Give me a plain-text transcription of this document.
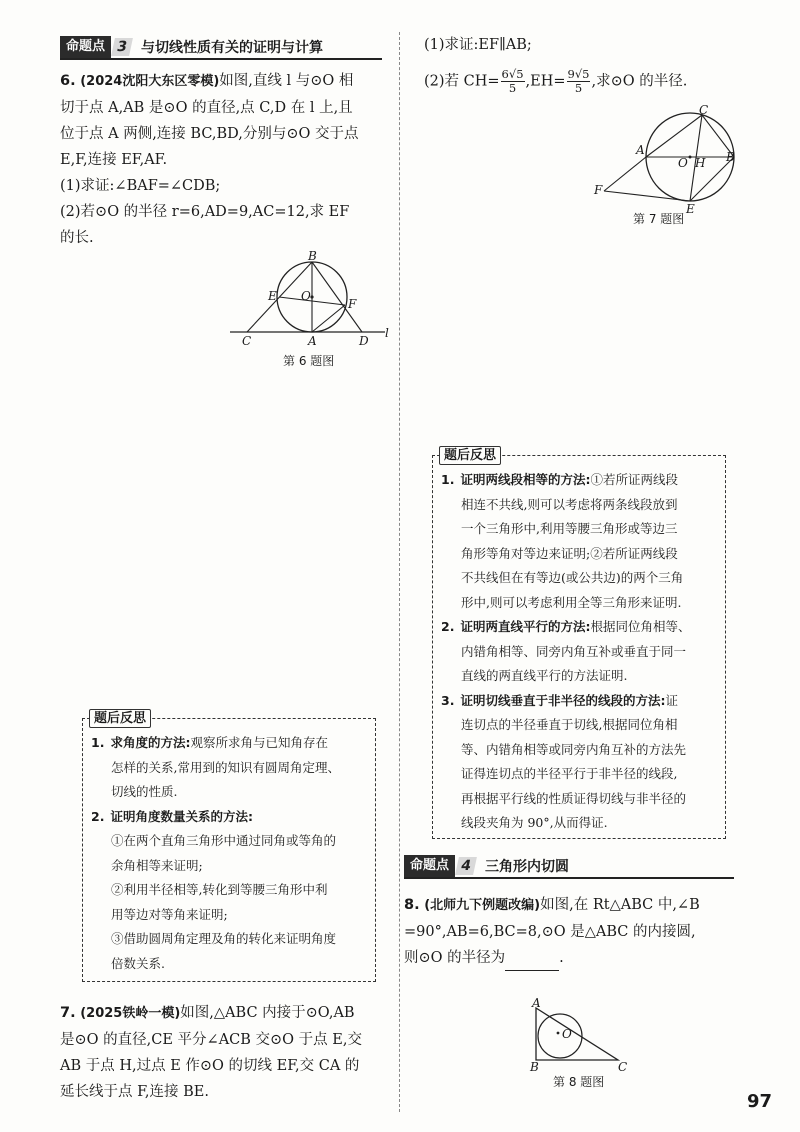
命题点 3 与切线性质有关的证明与计算
6. (2024沈阳大东区零模)如图,直线 l 与⊙O 相
切于点 A,AB 是⊙O 的直径,点 C,D 在 l 上,且
位于点 A 两侧,连接 BC,BD,分别与⊙O 交于点
E,F,连接 EF,AF.
(1)求证:∠BAF=∠CDB;
(2)若⊙O 的半径 r=6,AD=9,AC=12,求 EF
的长.
B
E O
F
C	A	D
l
第 6 题图
题后反思
1. 求角度的方法:观察所求角与已知角存在
怎样的关系,常用到的知识有圆周角定理、
切线的性质.
2. 证明角度数量关系的方法:
①在两个直角三角形中通过同角或等角的
余角相等来证明;
②利用半径相等,转化到等腰三角形中利
用等边对等角来证明;
③借助圆周角定理及角的转化来证明角度
倍数关系.
7. (2025铁岭一模)如图,△ABC 内接于⊙O,AB
是⊙O 的直径,CE 平分∠ACB 交⊙O 于点 E,交
AB 于点 H,过点 E 作⊙O 的切线 EF,交 CA 的
延长线于点 F,连接 BE.
(1)求证:EF∥AB;
(2)若 $CH= \frac{6√5}{5} ,EH= \frac{9√5}{5}$ ,求⊙O 的半径.
C
A
O H B
F
E
第 7 题图
题后反思
1. 证明两线段相等的方法:①若所证两线段
相连不共线,则可以考虑将两条线段放到
一个三角形中,利用等腰三角形或等边三
角形等角对等边来证明;②若所证两线段
不共线但在有等边(或公共边)的两个三角
形中,则可以考虑利用全等三角形来证明.
2. 证明两直线平行的方法:根据同位角相等、
内错角相等、同旁内角互补或垂直于同一
直线的两直线平行的方法证明.
3. 证明切线垂直于非半径的线段的方法:证
连切点的半径垂直于切线,根据同位角相
等、内错角相等或同旁内角互补的方法先
证得连切点的半径平行于非半径的线段,
再根据平行线的性质证得切线与非半径的
线段夹角为 90°,从而得证.
命题点 4 三角形内切圆
8. (北师九下例题改编)如图,在 Rt△ABC 中,∠B
=90°,AB=6,BC=8,⊙O 是△ABC 的内接圆,
则⊙O 的半径为	.
A
O
B	C
第 8 题图
97
